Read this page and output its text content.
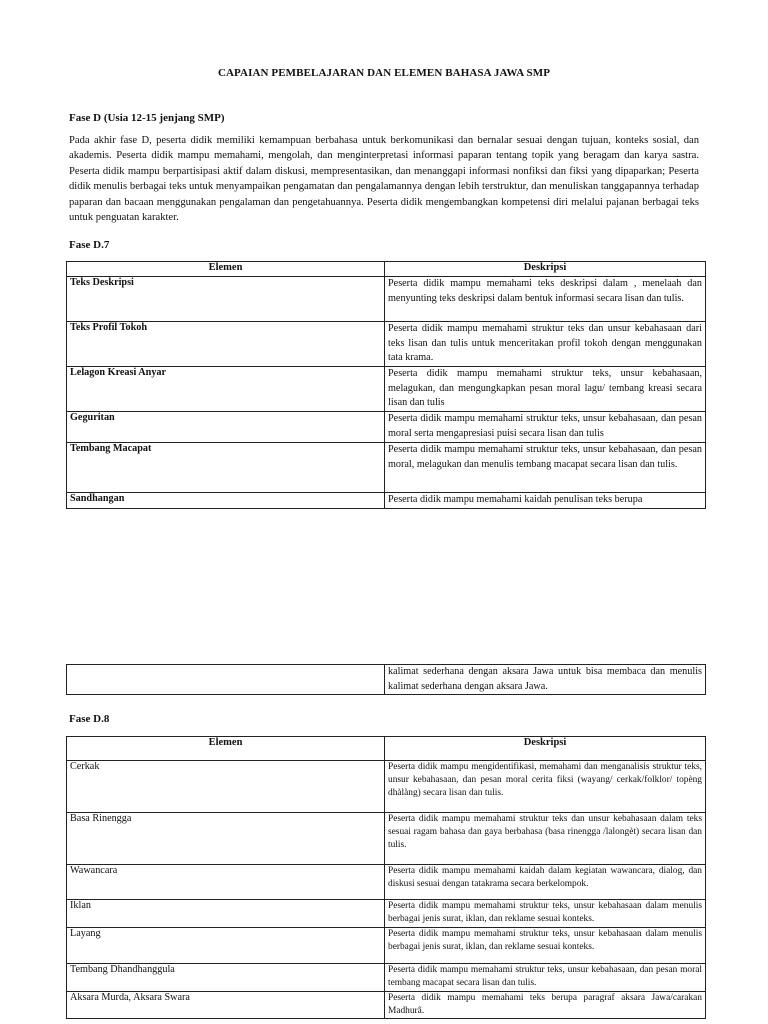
CAPAIAN PEMBELAJARAN DAN ELEMEN BAHASA JAWA SMP
Fase D (Usia 12-15 jenjang SMP)
Pada akhir fase D, peserta didik memiliki kemampuan berbahasa untuk berkomunikasi dan bernalar sesuai dengan tujuan, konteks sosial, dan akademis. Peserta didik mampu memahami, mengolah, dan menginterpretasi informasi paparan tentang topik yang beragam dan karya sastra. Peserta didik mampu berpartisipasi aktif dalam diskusi, mempresentasikan, dan menanggapi informasi nonfiksi dan fiksi yang dipaparkan; Peserta didik menulis berbagai teks untuk menyampaikan pengamatan dan pengalamannya dengan lebih terstruktur, dan menuliskan tanggapannya terhadap paparan dan bacaan menggunakan pengalaman dan pengetahuannya. Peserta didik mengembangkan kompetensi diri melalui pajanan berbagai teks untuk penguatan karakter.
Fase D.7
Elemen	Deskripsi
Teks Deskripsi	Peserta didik mampu memahami teks deskripsi dalam , menelaah dan menyunting teks deskripsi dalam bentuk informasi secara lisan dan tulis.
Teks Profil Tokoh	Peserta didik mampu memahami struktur teks dan unsur kebahasaan dari teks lisan dan tulis untuk menceritakan profil tokoh dengan menggunakan tata krama.
Lelagon Kreasi Anyar	Peserta didik mampu memahami struktur teks, unsur kebahasaan, melagukan, dan mengungkapkan pesan moral lagu/ tembang kreasi secara lisan dan tulis
Geguritan	Peserta didik mampu memahami struktur teks, unsur kebahasaan, dan pesan moral serta mengapresiasi puisi secara lisan dan tulis
Tembang Macapat	Peserta didik mampu memahami struktur teks, unsur kebahasaan, dan pesan moral, melagukan dan menulis tembang macapat secara lisan dan tulis.
Sandhangan	Peserta didik mampu memahami kaidah penulisan teks berupa
	kalimat sederhana dengan aksara Jawa untuk bisa membaca dan menulis kalimat sederhana dengan aksara Jawa.
Fase D.8
Elemen	Deskripsi
Cerkak	Peserta didik mampu mengidentifikasi, memahami dan menganalisis struktur teks, unsur kebahasaan, dan pesan moral cerita fiksi (wayang/ cerkak/folklor/ topèng dhàlàng) secara lisan dan tulis.
Basa Rinengga	Peserta didik mampu memahami struktur teks dan unsur kebahasaan dalam teks sesuai ragam bahasa dan gaya berbahasa (basa rinengga /lalongèt) secara lisan dan tulis.
Wawancara	Peserta didik mampu memahami kaidah dalam kegiatan wawancara, dialog, dan diskusi sesuai dengan tatakrama secara berkelompok.
Iklan	Peserta didik mampu memahami struktur teks, unsur kebahasaan dalam menulis berbagai jenis surat, iklan, dan reklame sesuai konteks.
Layang	Peserta didik mampu memahami struktur teks, unsur kebahasaan dalam menulis berbagai jenis surat, iklan, dan reklame sesuai konteks.
Tembang Dhandhanggula	Peserta didik mampu memahami struktur teks, unsur kebahasaan, dan pesan moral tembang macapat secara lisan dan tulis.
Aksara Murda, Aksara Swara	Peserta didik mampu memahami teks berupa paragraf aksara Jawa/carakan Madhurâ.
